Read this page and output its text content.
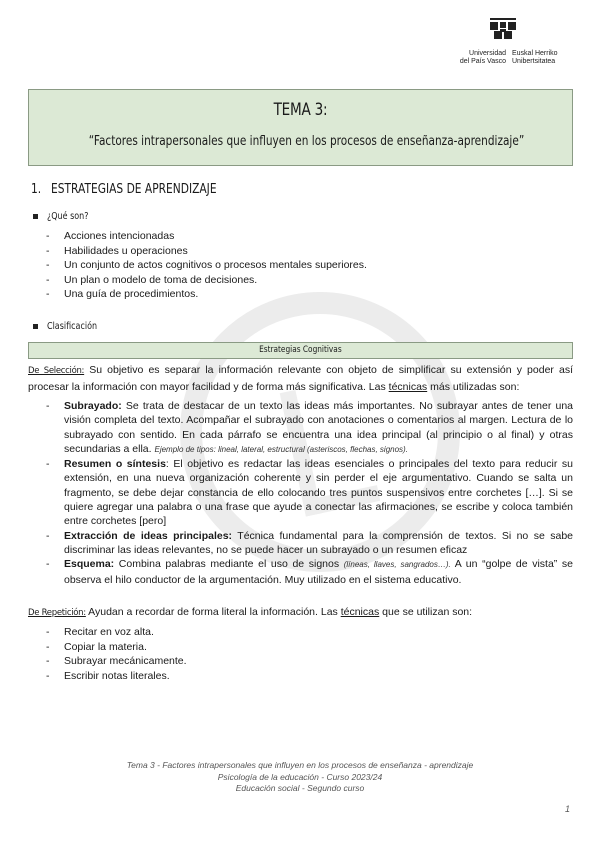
Universidad
del País Vasco
Euskal Herriko
Unibertsitatea
TEMA 3:
“Factores intrapersonales que influyen en los procesos de enseñanza-aprendizaje”
1. ESTRATEGIAS DE APRENDIZAJE
¿Qué son?
- Acciones intencionadas
- Habilidades u operaciones
- Un conjunto de actos cognitivos o procesos mentales superiores.
- Un plan o modelo de toma de decisiones.
- Una guía de procedimientos.
Clasificación
Estrategias Cognitivas
De Selección: Su objetivo es separar la información relevante con objeto de simplificar su extensión y poder así procesar la información con mayor facilidad y de forma más significativa. Las técnicas más utilizadas son:
- Subrayado: Se trata de destacar de un texto las ideas más importantes. No subrayar antes de tener una visión completa del texto. Acompañar el subrayado con anotaciones o comentarios al margen. Lectura de lo subrayado con sentido. En cada párrafo se encuentra una idea principal (al principio o al final) y otras secundarias a ella. Ejemplo de tipos: lineal, lateral, estructural (asteriscos, flechas, signos).
- Resumen o síntesis: El objetivo es redactar las ideas esenciales o principales del texto para reducir su extensión, en una nueva organización coherente y sin perder el eje argumentativo. Cuando se salta un fragmento, se debe dejar constancia de ello colocando tres puntos suspensivos entre corchetes […]. Si se quiere agregar una palabra o una frase que ayude a conectar las afirmaciones, se escribe y coloca también entre corchetes [pero]
- Extracción de ideas principales: Técnica fundamental para la comprensión de textos. Si no se sabe discriminar las ideas relevantes, no se puede hacer un subrayado o un resumen eficaz
- Esquema: Combina palabras mediante el uso de signos (líneas, llaves, sangrados…). A un “golpe de vista” se observa el hilo conductor de la argumentación. Muy utilizado en el sistema educativo.
De Repetición: Ayudan a recordar de forma literal la información. Las técnicas que se utilizan son:
- Recitar en voz alta.
- Copiar la materia.
- Subrayar mecánicamente.
- Escribir notas literales.
Tema 3 - Factores intrapersonales que influyen en los procesos de enseñanza - aprendizaje
Psicología de la educación - Curso 2023/24
Educación social - Segundo curso
1
